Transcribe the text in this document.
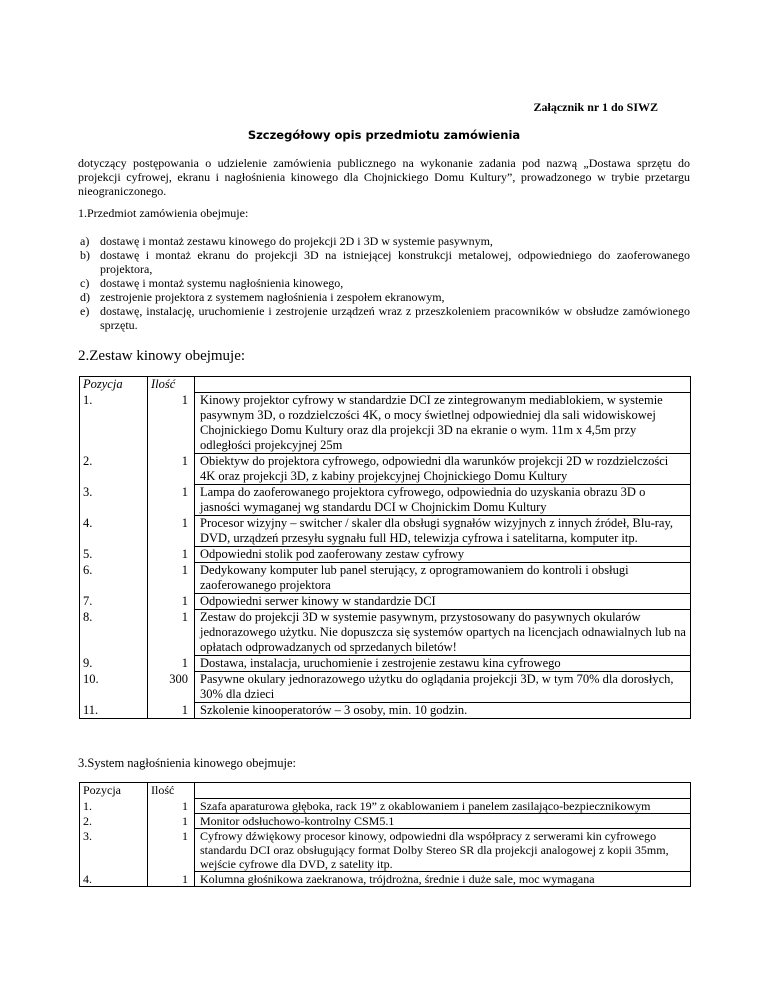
Załącznik nr 1 do SIWZ
Szczegółowy opis przedmiotu zamówienia

dotyczący postępowania o udzielenie zamówienia publicznego na wykonanie zadania pod nazwą „Dostawa sprzętu do projekcji cyfrowej, ekranu i nagłośnienia kinowego dla Chojnickiego Domu Kultury”, prowadzonego w trybie przetargu nieograniczonego.

1.Przedmiot zamówienia obejmuje:

a) dostawę i montaż zestawu kinowego do projekcji 2D i 3D w systemie pasywnym,
b) dostawę i montaż ekranu do projekcji 3D na istniejącej konstrukcji metalowej, odpowiedniego do zaoferowanego projektora,
c) dostawę i montaż systemu nagłośnienia kinowego,
d) zestrojenie projektora z systemem nagłośnienia i zespołem ekranowym,
e) dostawę, instalację, uruchomienie i zestrojenie urządzeń wraz z przeszkoleniem pracowników w obsłudze zamówionego sprzętu.

2.Zestaw kinowy obejmuje:

Pozycja	Ilość	
1.	1	Kinowy projektor cyfrowy w standardzie DCI ze zintegrowanym mediablokiem, w systemie pasywnym 3D, o rozdzielczości 4K, o mocy świetlnej odpowiedniej dla sali widowiskowej Chojnickiego Domu Kultury oraz dla projekcji 3D na ekranie o wym. 11m x 4,5m przy odległości projekcyjnej 25m
2.	1	Obiektyw do projektora cyfrowego, odpowiedni dla warunków projekcji 2D w rozdzielczości 4K oraz projekcji 3D, z kabiny projekcyjnej Chojnickiego Domu Kultury
3.	1	Lampa do zaoferowanego projektora cyfrowego, odpowiednia do uzyskania obrazu 3D o jasności wymaganej wg standardu DCI w Chojnickim Domu Kultury
4.	1	Procesor wizyjny – switcher / skaler dla obsługi sygnałów wizyjnych z innych źródeł, Blu-ray, DVD, urządzeń przesyłu sygnału full HD, telewizja cyfrowa i satelitarna, komputer itp.
5.	1	Odpowiedni stolik pod zaoferowany zestaw cyfrowy
6.	1	Dedykowany komputer lub panel sterujący, z oprogramowaniem do kontroli i obsługi zaoferowanego projektora
7.	1	Odpowiedni serwer kinowy w standardzie DCI
8.	1	Zestaw do projekcji 3D w systemie pasywnym, przystosowany do pasywnych okularów jednorazowego użytku. Nie dopuszcza się systemów opartych na licencjach odnawialnych lub na opłatach odprowadzanych od sprzedanych biletów!
9.	1	Dostawa, instalacja, uruchomienie i zestrojenie zestawu kina cyfrowego
10.	300	Pasywne okulary jednorazowego użytku do oglądania projekcji 3D, w tym 70% dla dorosłych, 30% dla dzieci
11.	1	Szkolenie kinooperatorów – 3 osoby, min. 10 godzin.

3.System nagłośnienia kinowego obejmuje:

Pozycja	Ilość	
1.	1	Szafa aparaturowa głęboka, rack 19” z okablowaniem i panelem zasilająco-bezpiecznikowym
2.	1	Monitor odsłuchowo-kontrolny CSM5.1
3.	1	Cyfrowy dźwiękowy procesor kinowy, odpowiedni dla współpracy z serwerami kin cyfrowego standardu DCI oraz obsługujący format Dolby Stereo SR dla projekcji analogowej z kopii 35mm, wejście cyfrowe dla DVD, z satelity itp.
4.	1	Kolumna głośnikowa zaekranowa, trójdrożna, średnie i duże sale, moc wymagana
